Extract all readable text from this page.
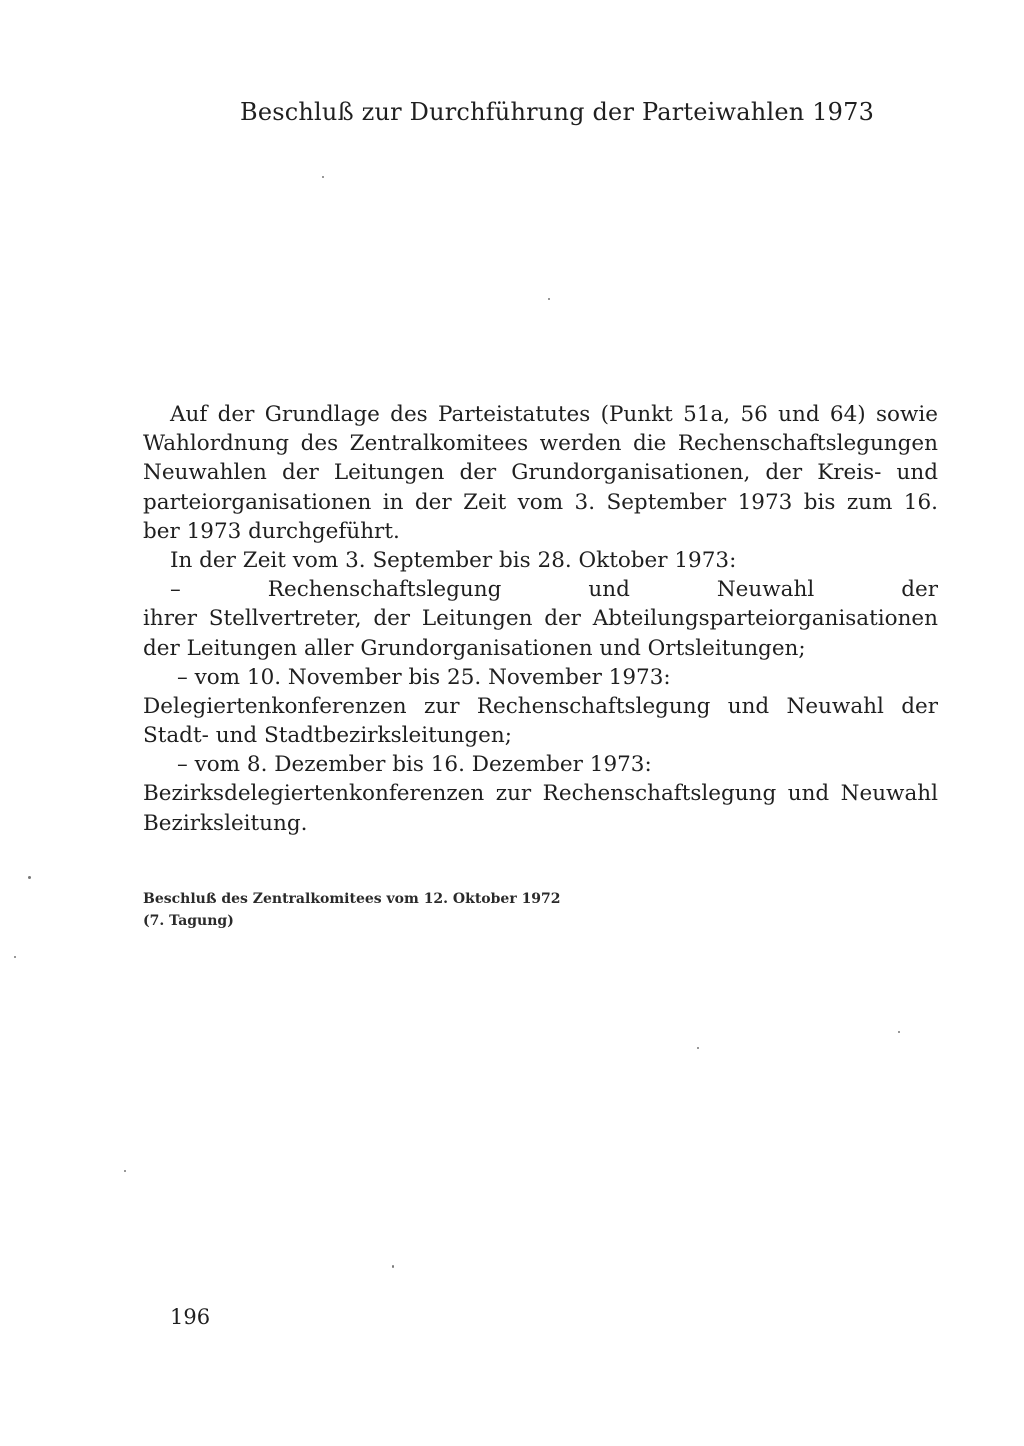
Beschluß zur Durchführung der Parteiwahlen 1973
Auf der Grundlage des Parteistatutes (Punkt 51a, 56 und 64) sowie
Wahlordnung des Zentralkomitees werden die Rechenschaftslegungen
Neuwahlen der Leitungen der Grundorganisationen, der Kreis- und
parteiorganisationen in der Zeit vom 3. September 1973 bis zum 16.
ber 1973 durchgeführt.
In der Zeit vom 3. September bis 28. Oktober 1973:
– Rechenschaftslegung und Neuwahl der
ihrer Stellvertreter, der Leitungen der Abteilungsparteiorganisationen
der Leitungen aller Grundorganisationen und Ortsleitungen;
– vom 10. November bis 25. November 1973:
Delegiertenkonferenzen zur Rechenschaftslegung und Neuwahl der
Stadt- und Stadtbezirksleitungen;
– vom 8. Dezember bis 16. Dezember 1973:
Bezirksdelegiertenkonferenzen zur Rechenschaftslegung und Neuwahl
Bezirksleitung.
Beschluß des Zentralkomitees vom 12. Oktober 1972
(7. Tagung)
196
